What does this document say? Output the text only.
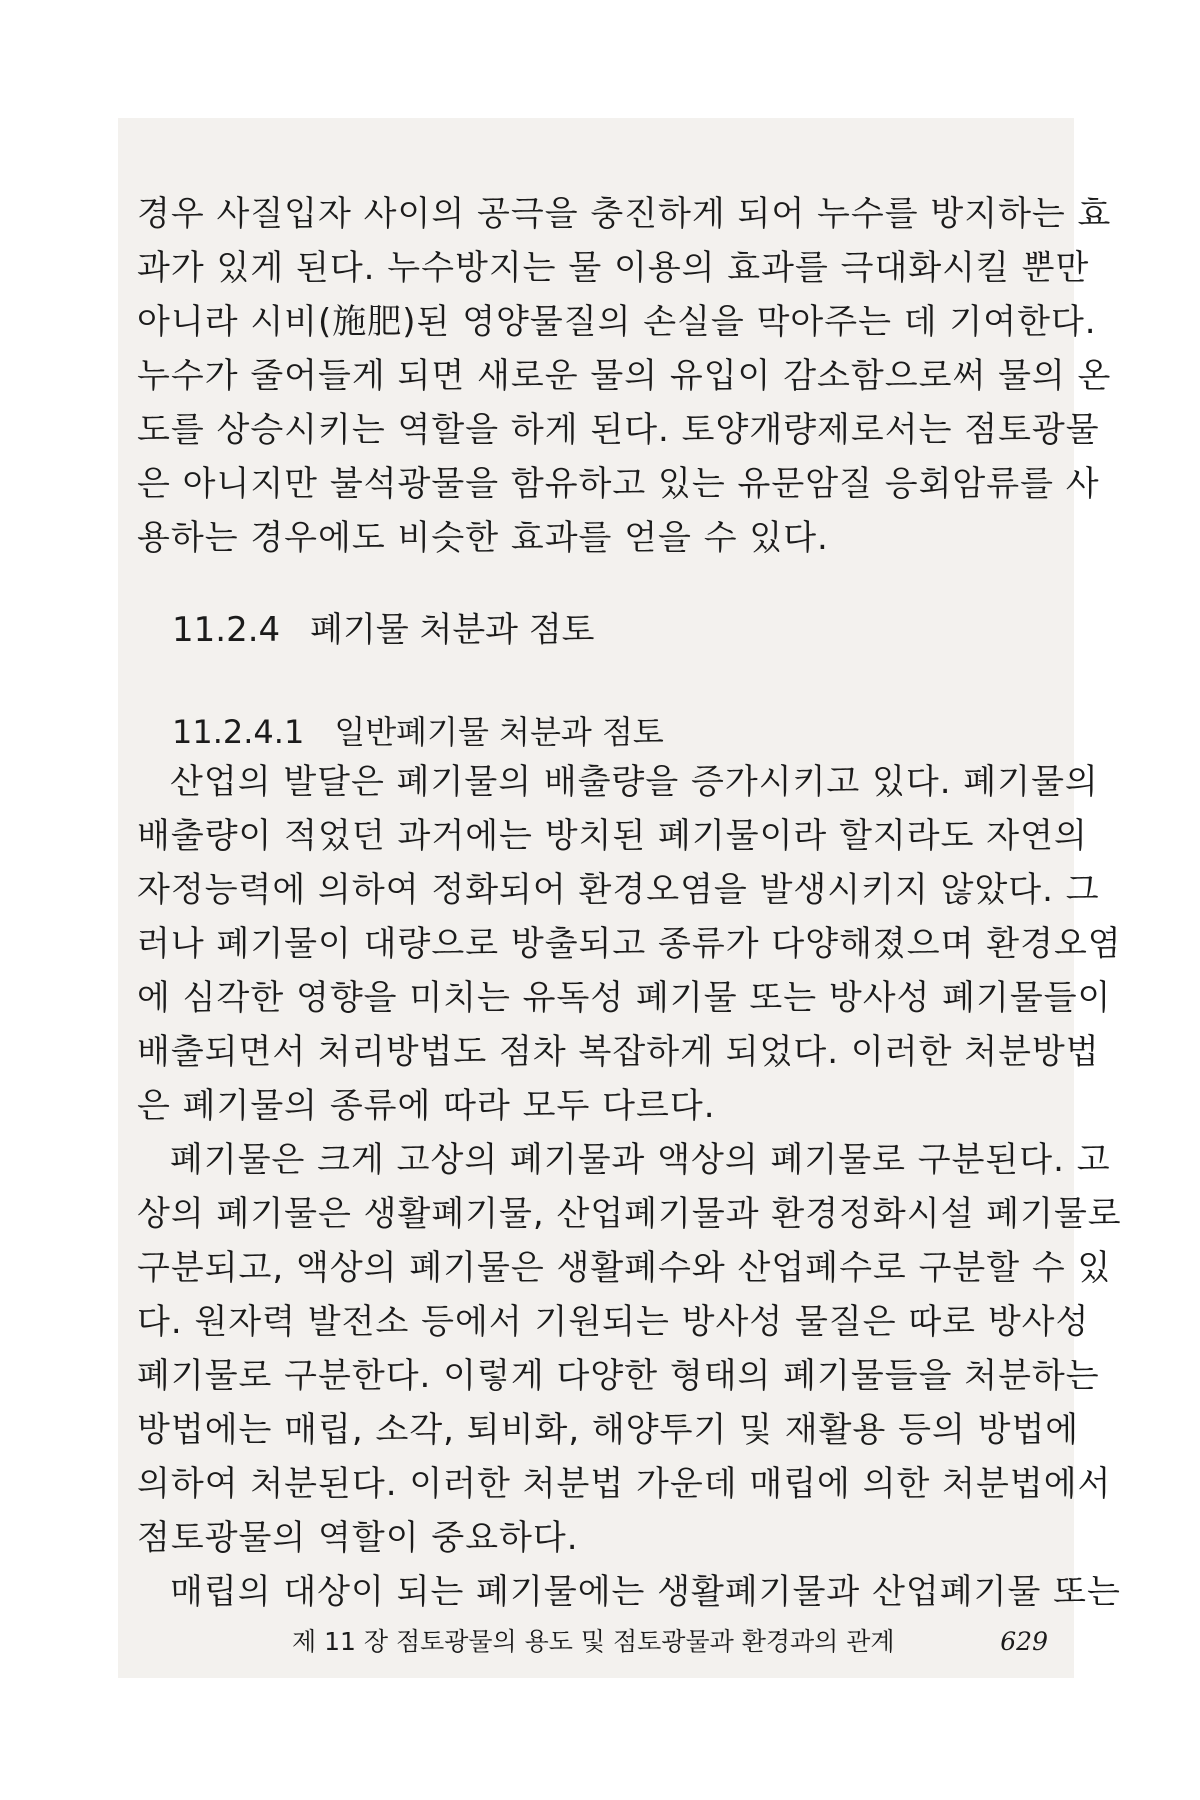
경우 사질입자 사이의 공극을 충진하게 되어 누수를 방지하는 효
과가 있게 된다. 누수방지는 물 이용의 효과를 극대화시킬 뿐만
아니라 시비(施肥)된 영양물질의 손실을 막아주는 데 기여한다.
누수가 줄어들게 되면 새로운 물의 유입이 감소함으로써 물의 온
도를 상승시키는 역할을 하게 된다. 토양개량제로서는 점토광물
은 아니지만 불석광물을 함유하고 있는 유문암질 응회암류를 사
용하는 경우에도 비슷한 효과를 얻을 수 있다.
11.2.4 폐기물 처분과 점토
11.2.4.1 일반폐기물 처분과 점토
산업의 발달은 폐기물의 배출량을 증가시키고 있다. 폐기물의
배출량이 적었던 과거에는 방치된 폐기물이라 할지라도 자연의
자정능력에 의하여 정화되어 환경오염을 발생시키지 않았다. 그
러나 폐기물이 대량으로 방출되고 종류가 다양해졌으며 환경오염
에 심각한 영향을 미치는 유독성 폐기물 또는 방사성 폐기물들이
배출되면서 처리방법도 점차 복잡하게 되었다. 이러한 처분방법
은 폐기물의 종류에 따라 모두 다르다.
폐기물은 크게 고상의 폐기물과 액상의 폐기물로 구분된다. 고
상의 폐기물은 생활폐기물, 산업폐기물과 환경정화시설 폐기물로
구분되고, 액상의 폐기물은 생활폐수와 산업폐수로 구분할 수 있
다. 원자력 발전소 등에서 기원되는 방사성 물질은 따로 방사성
폐기물로 구분한다. 이렇게 다양한 형태의 폐기물들을 처분하는
방법에는 매립, 소각, 퇴비화, 해양투기 및 재활용 등의 방법에
의하여 처분된다. 이러한 처분법 가운데 매립에 의한 처분법에서
점토광물의 역할이 중요하다.
매립의 대상이 되는 폐기물에는 생활폐기물과 산업폐기물 또는
제 11 장 점토광물의 용도 및 점토광물과 환경과의 관계	629
